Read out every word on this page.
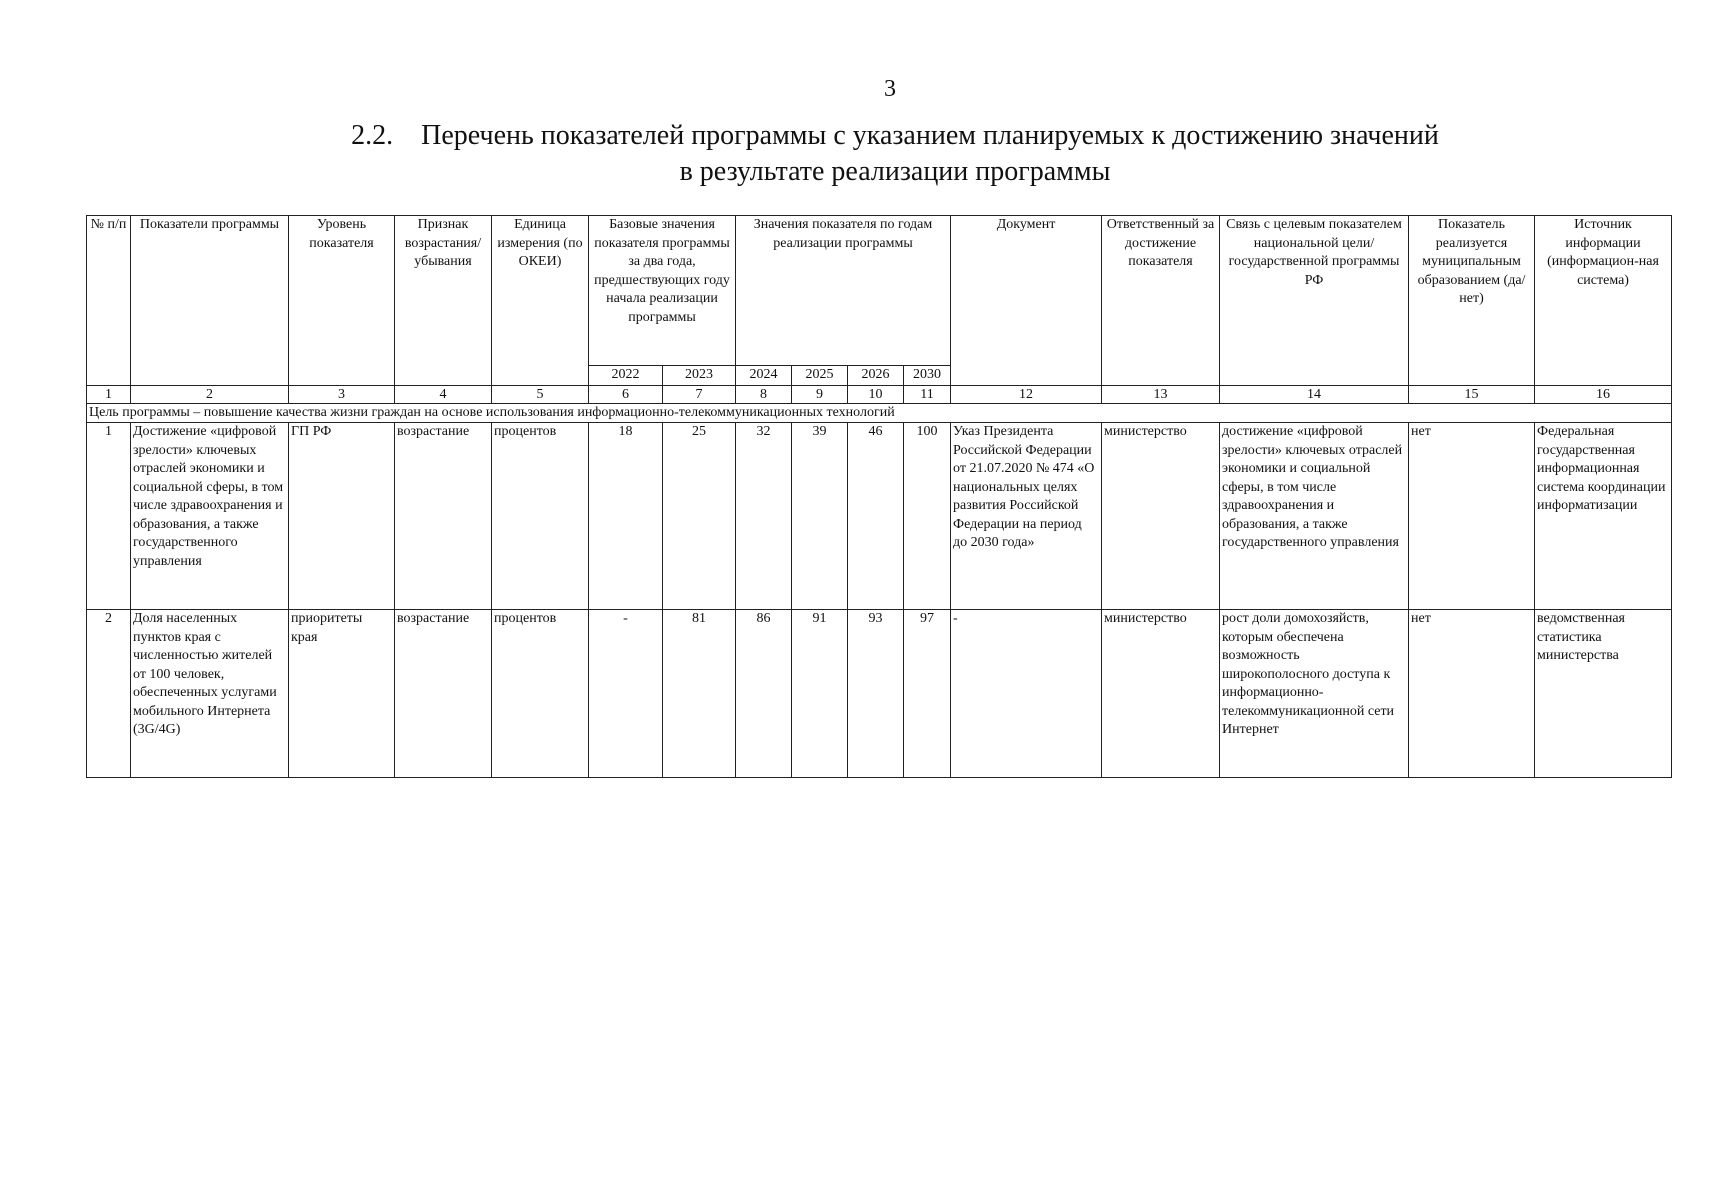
3
2.2. Перечень показателей программы с указанием планируемых к достижению значений
в результате реализации программы
№ п/п	Показатели программы	Уровень показателя	Признак возрастания/ убывания	Единица измерения (по ОКЕИ)	Базовые значения показателя программы за два года, предшествующих году начала реализации программы		Значения показателя по годам реализации программы				Документ	Ответственный за достижение показателя	Связь с целевым показателем национальной цели/государственной программы РФ	Показатель реализуется муниципальным образованием (да/нет)	Источник информации (информацион-ная система)
					2022	2023	2024	2025	2026	2030					
1	2	3	4	5	6	7	8	9	10	11	12	13	14	15	16
Цель программы – повышение качества жизни граждан на основе использования информационно-телекоммуникационных технологий															
1	Достижение «цифровой зрелости» ключевых отраслей экономики и социальной сферы, в том числе здравоохранения и образования, а также государственного управления	ГП РФ	возрастание	процентов	18	25	32	39	46	100	Указ Президента Российской Федерации от 21.07.2020 № 474 «О национальных целях развития Российской Федерации на период до 2030 года»	министерство	достижение «цифровой зрелости» ключевых отраслей экономики и социальной сферы, в том числе здравоохранения и образования, а также государственного управления	нет	Федеральная государственная информационная система координации информатизации
2	Доля населенных пунктов края с численностью жителей от 100 человек, обеспеченных услугами мобильного Интернета (3G/4G)	приоритеты края	возрастание	процентов	-	81	86	91	93	97	-	министерство	рост доли домохозяйств, которым обеспечена возможность широкополосного доступа к информационно-телекоммуникационной сети Интернет	нет	ведомственная статистика министерства
